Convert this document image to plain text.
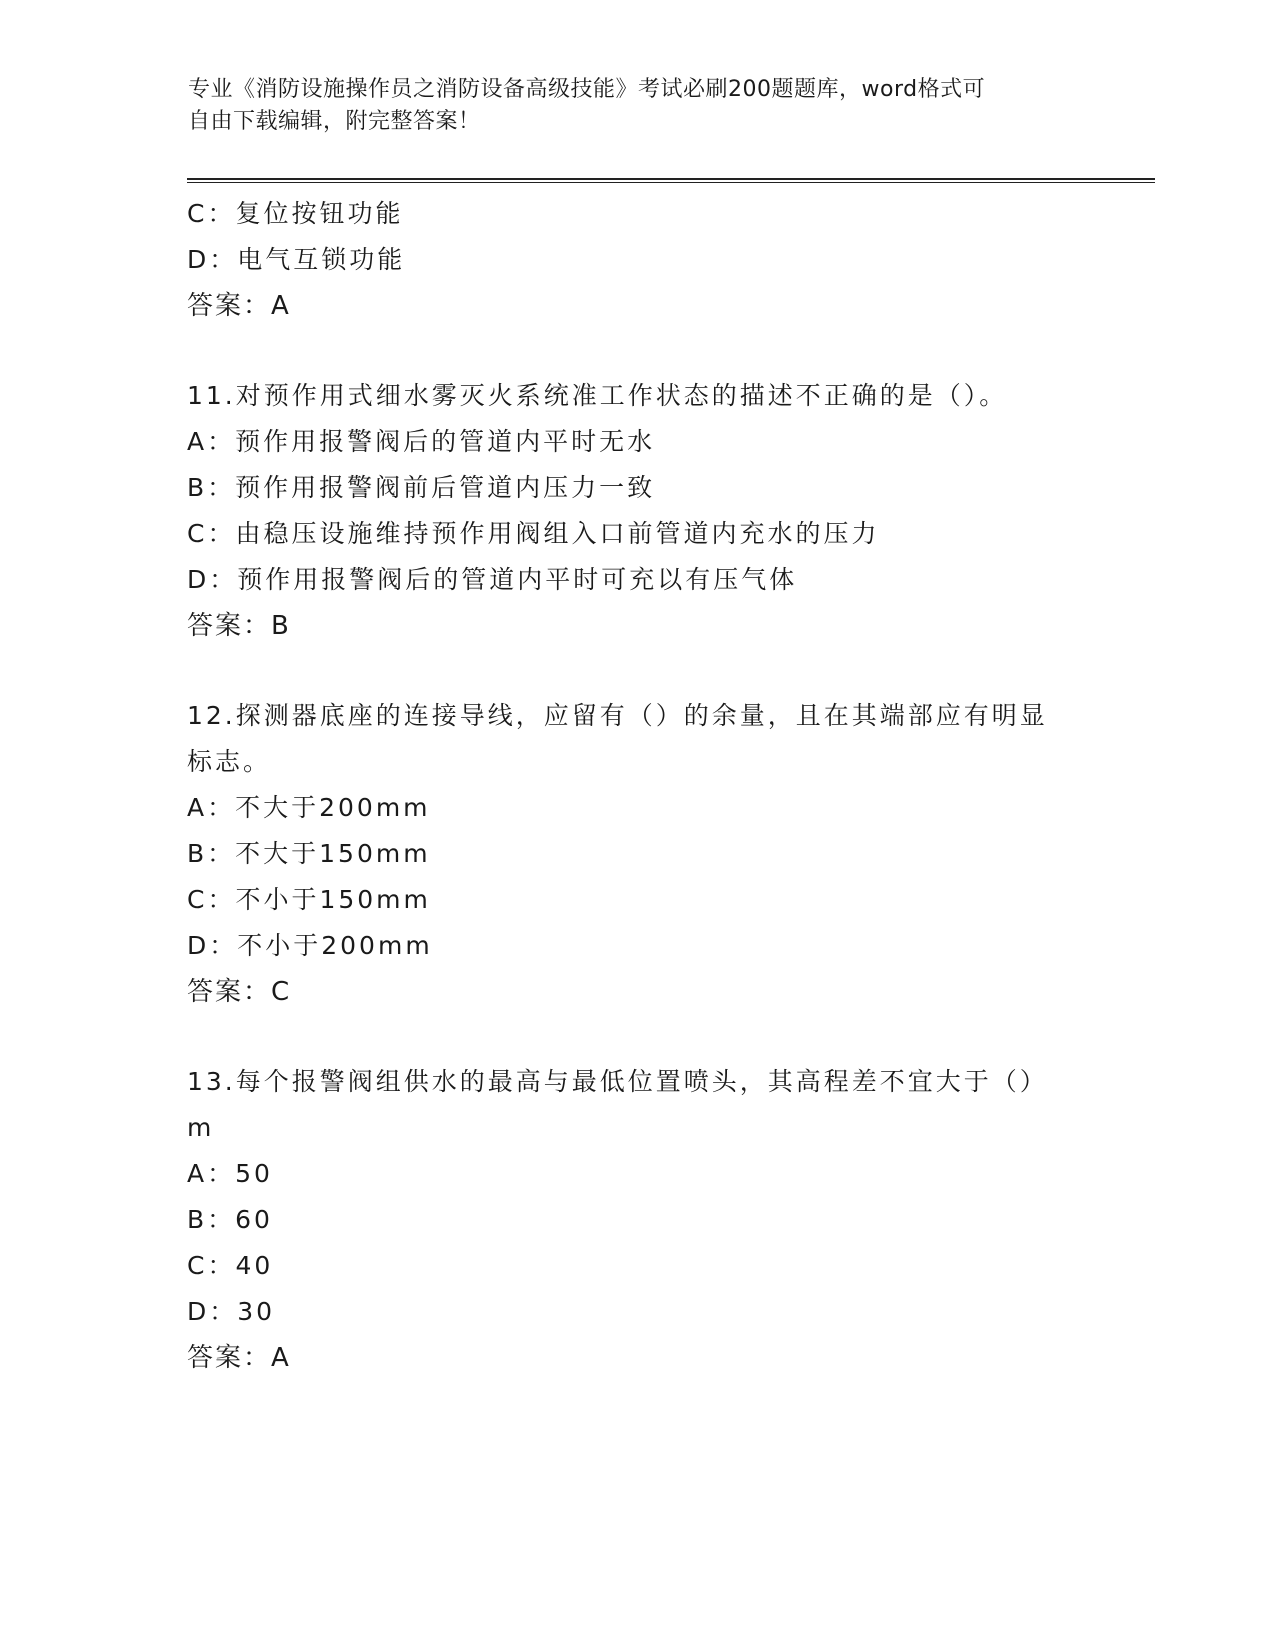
专业《消防设施操作员之消防设备高级技能》考试必刷200题题库，word格式可
自由下载编辑，附完整答案！
C：复位按钮功能
D：电气互锁功能
答案：A
11.对预作用式细水雾灭火系统准工作状态的描述不正确的是（）。
A：预作用报警阀后的管道内平时无水
B：预作用报警阀前后管道内压力一致
C：由稳压设施维持预作用阀组入口前管道内充水的压力
D：预作用报警阀后的管道内平时可充以有压气体
答案：B
12.探测器底座的连接导线，应留有（）的余量，且在其端部应有明显
标志。
A：不大于200mm
B：不大于150mm
C：不小于150mm
D：不小于200mm
答案：C
13.每个报警阀组供水的最高与最低位置喷头，其高程差不宜大于（）
m
A：50
B：60
C：40
D：30
答案：A
